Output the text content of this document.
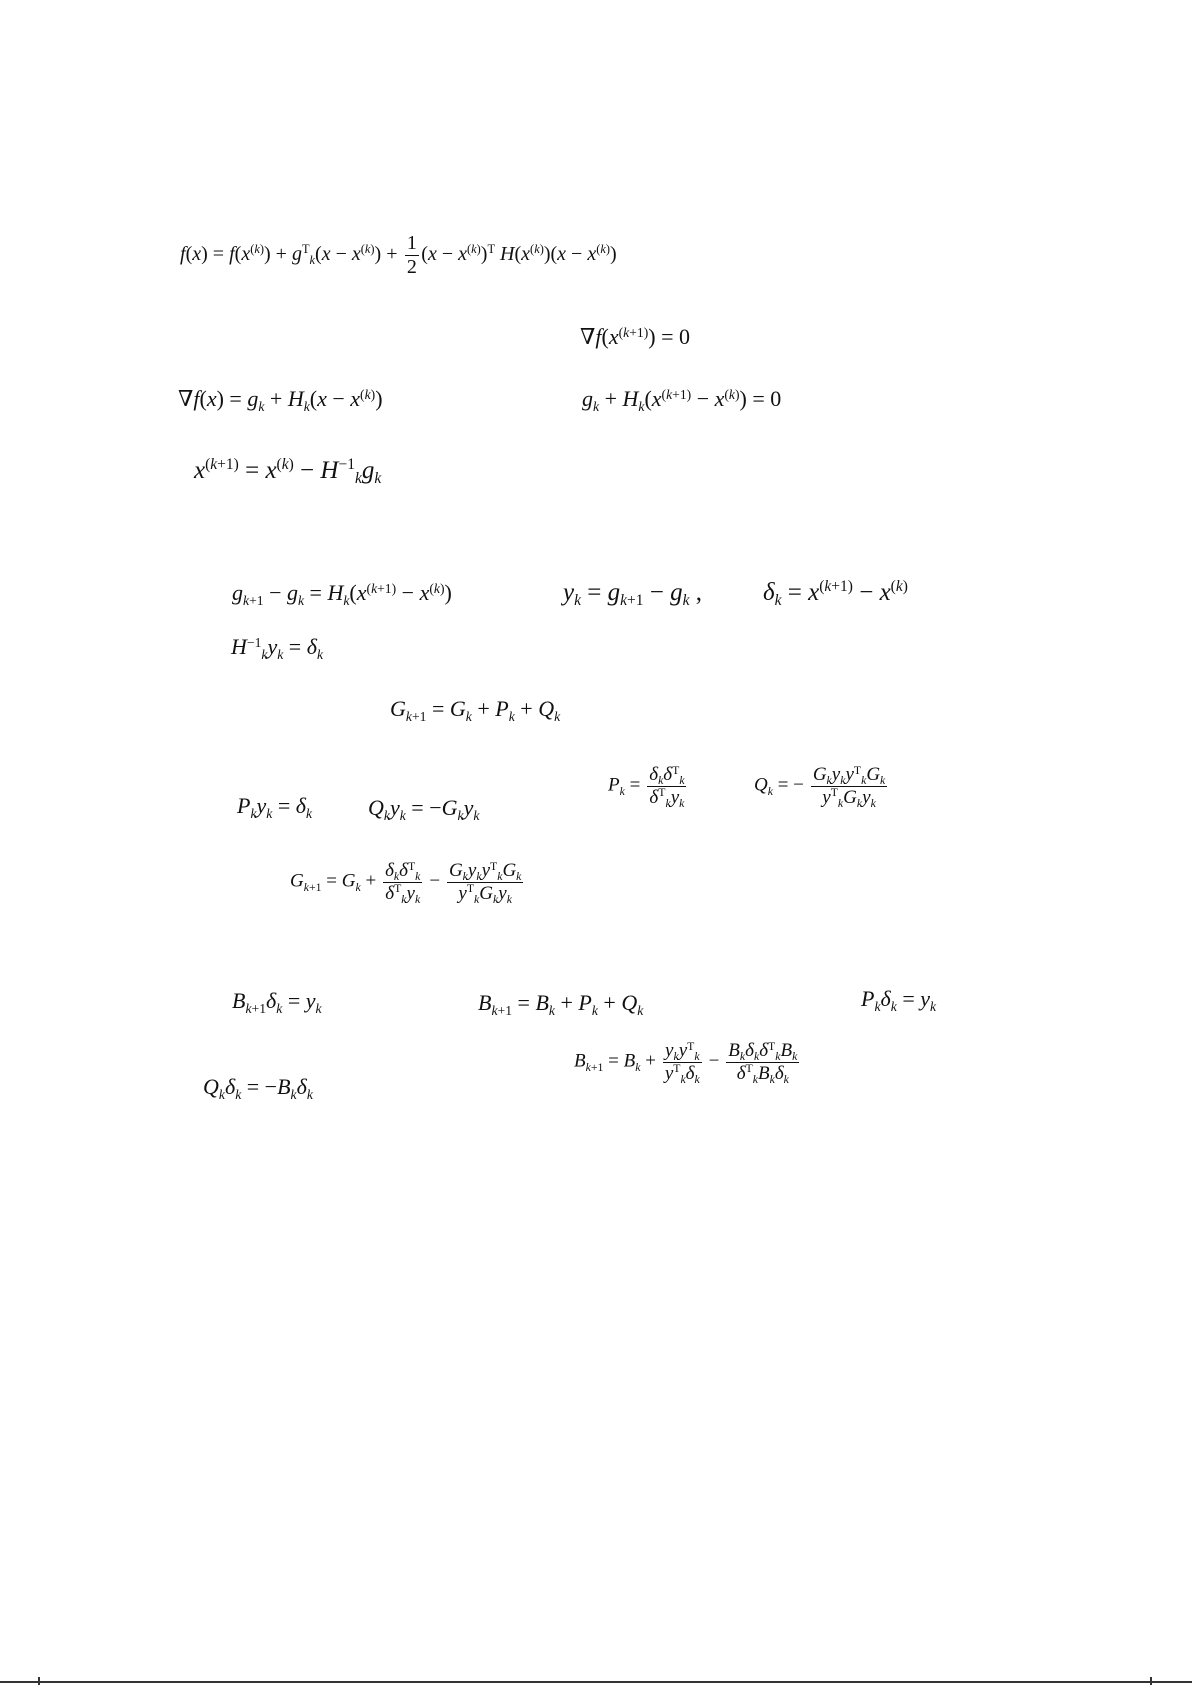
$f(x) = f(x^{(k)}) + g^T_k(x - x^{(k)}) + \frac{1}{2} (x - x^{(k)})^T$ $H(x^{(k)})(x - x^{(k)})$
$\nabla f(x^{(k+1)}) = 0$
$\nabla f(x) = g_k + H_k(x - x^{(k)})$	$g_k + H_k(x^{(k+1)} - x^{(k)}) = 0$
$x^{(k+1)} = x^{(k)} - H^{-1}_kg_k$
$g_{k+1} - g_k = H_k(x^{(k+1)} - x^{(k)})$	$y_k = g_{k+1} - g_k$ , $\delta_k = x^{(k+1)} - x^{(k)}$
$H^{-1}_ky_k = \delta_k$
$G_{k+1} = G_k + P_k + Q_k$
$P_ky_k = \delta_k$	$Q_ky_k = -G_ky_k$
$P_k = \frac{\delta_k\delta^T_k}{\delta^T_ky_k}$	$Q_k$ = − $\frac{G_ky_ky^T_kG_k}{y^T_kG_ky_k}$
$G_{k+1} = G_k + \frac{\delta_k\delta^T_k}{\delta^T_ky_k} - \frac{G_ky_ky^T_kG_k}{y^T_kG_ky_k}$
$B_{k+1}\delta_k = y_k$	$B_{k+1} = B_k + P_k + Q_k$	$P_k\delta_k = y_k$
$Q_k\delta_k = -B_k\delta_k$
$B_{k+1} = B_k + \frac{y_ky^T_k}{y^T_k\delta_k} - \frac{B_k\delta_k\delta^T_kB_k}{\delta^T_kB_k\delta_k}$
